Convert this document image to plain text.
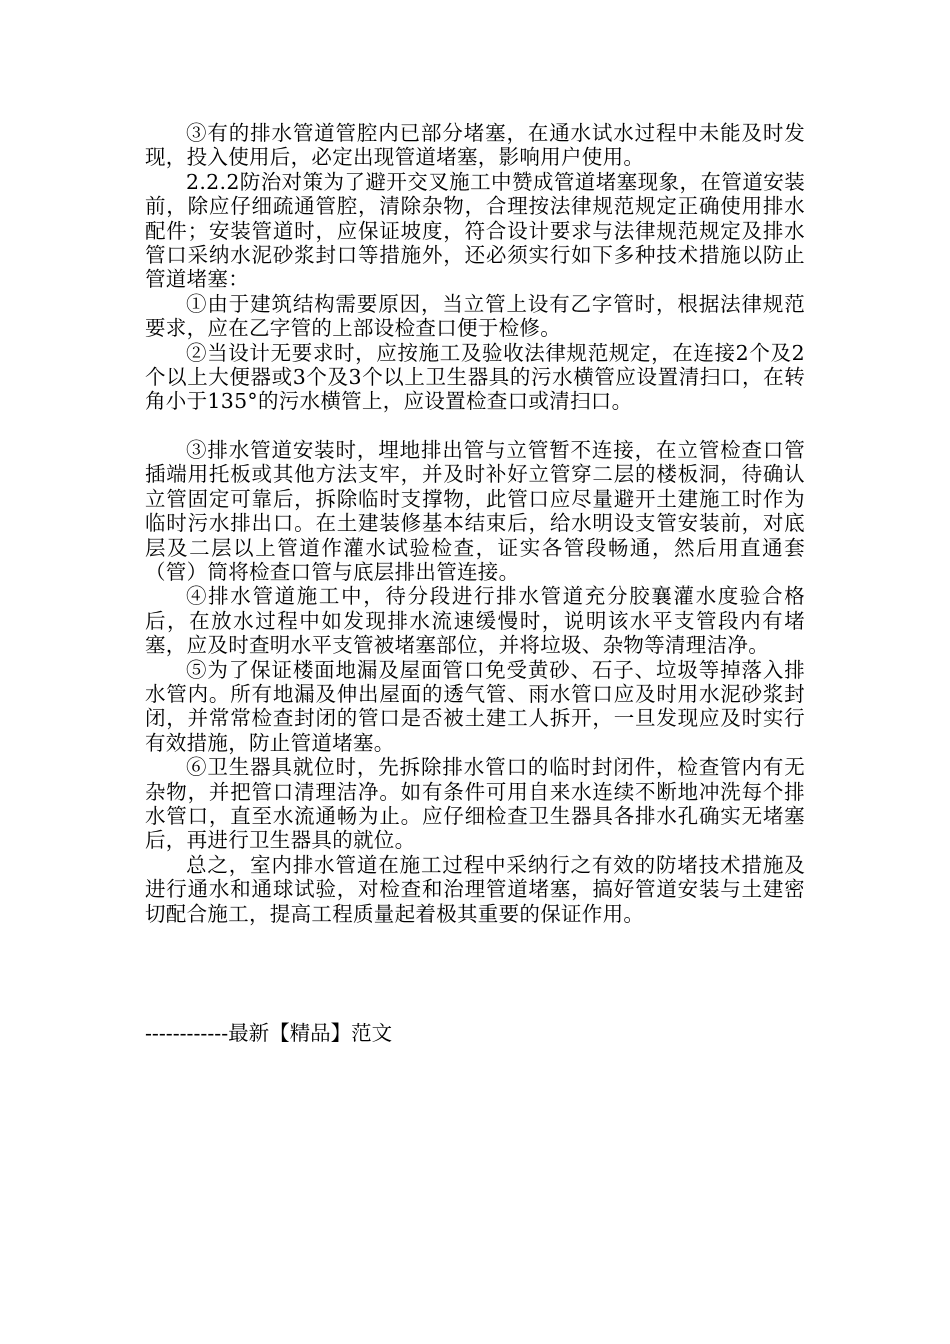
③有的排水管道管腔内已部分堵塞，在通水试水过程中未能及时发现，投入使用后，必定出现管道堵塞，影响用户使用。

2.2.2防治对策为了避开交叉施工中赞成管道堵塞现象，在管道安装前，除应仔细疏通管腔，清除杂物，合理按法律规范规定正确使用排水配件；安装管道时，应保证坡度，符合设计要求与法律规范规定及排水管口采纳水泥砂浆封口等措施外，还必须实行如下多种技术措施以防止管道堵塞：

①由于建筑结构需要原因，当立管上设有乙字管时，根据法律规范要求，应在乙字管的上部设检查口便于检修。

②当设计无要求时，应按施工及验收法律规范规定，在连接2个及2个以上大便器或3个及3个以上卫生器具的污水横管应设置清扫口，在转角小于135°的污水横管上，应设置检查口或清扫口。

③排水管道安装时，埋地排出管与立管暂不连接，在立管检查口管插端用托板或其他方法支牢，并及时补好立管穿二层的楼板洞，待确认立管固定可靠后，拆除临时支撑物，此管口应尽量避开土建施工时作为临时污水排出口。在土建装修基本结束后，给水明设支管安装前，对底层及二层以上管道作灌水试验检查，证实各管段畅通，然后用直通套（管）筒将检查口管与底层排出管连接。

④排水管道施工中，待分段进行排水管道充分胶襄灌水度验合格后，在放水过程中如发现排水流速缓慢时，说明该水平支管段内有堵塞，应及时查明水平支管被堵塞部位，并将垃圾、杂物等清理洁净。

⑤为了保证楼面地漏及屋面管口免受黄砂、石子、垃圾等掉落入排水管内。所有地漏及伸出屋面的透气管、雨水管口应及时用水泥砂浆封闭，并常常检查封闭的管口是否被土建工人拆开，一旦发现应及时实行有效措施，防止管道堵塞。

⑥卫生器具就位时，先拆除排水管口的临时封闭件，检查管内有无杂物，并把管口清理洁净。如有条件可用自来水连续不断地冲洗每个排水管口，直至水流通畅为止。应仔细检查卫生器具各排水孔确实无堵塞后，再进行卫生器具的就位。

总之，室内排水管道在施工过程中采纳行之有效的防堵技术措施及进行通水和通球试验，对检查和治理管道堵塞，搞好管道安装与土建密切配合施工，提高工程质量起着极其重要的保证作用。

------------最新【精品】范文
